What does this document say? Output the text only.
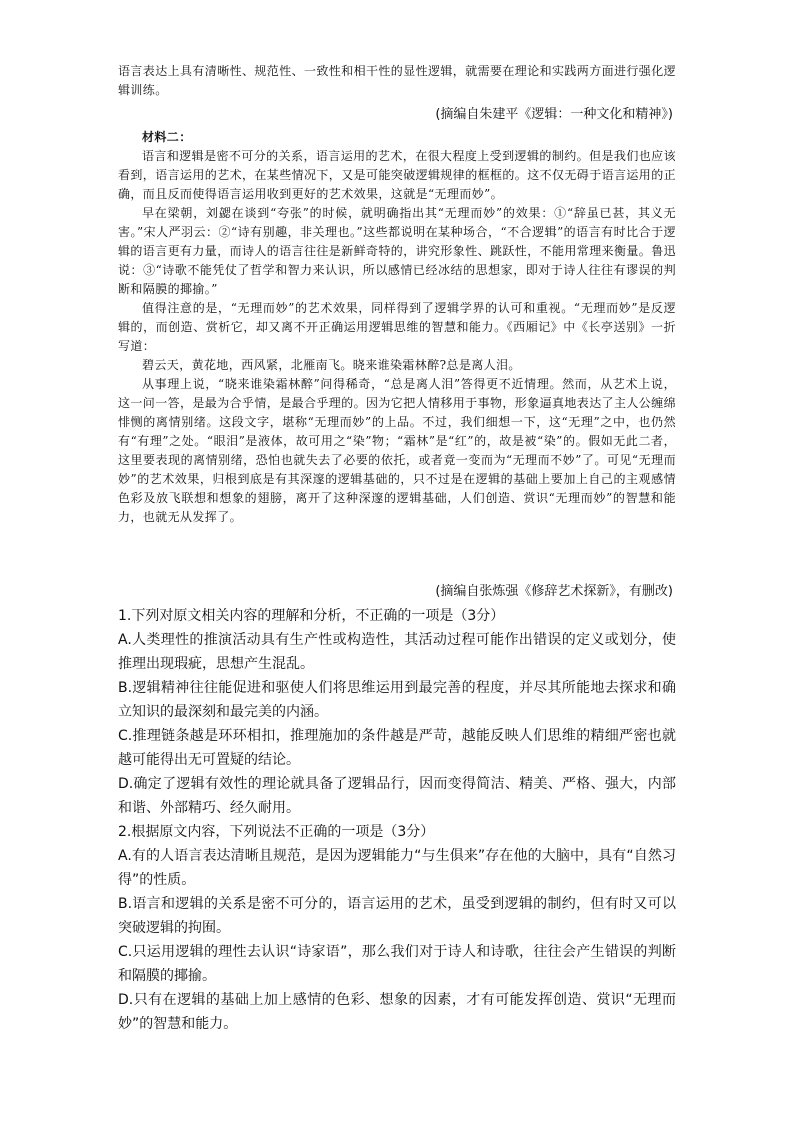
语言表达上具有清晰性、规范性、一致性和相干性的显性逻辑，就需要在理论和实践两方面进行强化逻辑训练。

(摘编自朱建平《逻辑：一种文化和精神》)

材料二：

语言和逻辑是密不可分的关系，语言运用的艺术，在很大程度上受到逻辑的制约。但是我们也应该看到，语言运用的艺术，在某些情况下，又是可能突破逻辑规律的框框的。这不仅无碍于语言运用的正确，而且反而使得语言运用收到更好的艺术效果，这就是“无理而妙”。

早在梁朝，刘勰在谈到“夸张”的时候，就明确指出其“无理而妙”的效果：①“辞虽已甚，其义无害。”宋人严羽云：②“诗有别趣，非关理也。”这些都说明在某种场合，“不合逻辑”的语言有时比合于逻辑的语言更有力量，而诗人的语言往往是新鲜奇特的，讲究形象性、跳跃性，不能用常理来衡量。鲁迅说：③“诗歌不能凭仗了哲学和智力来认识，所以感情已经冰结的思想家，即对于诗人往往有谬误的判断和隔膜的揶揄。”

值得注意的是，“无理而妙”的艺术效果，同样得到了逻辑学界的认可和重视。“无理而妙”是反逻辑的，而创造、赏析它，却又离不开正确运用逻辑思维的智慧和能力。《西厢记》中《长亭送别》一折写道：

碧云天，黄花地，西风紧，北雁南飞。晓来谁染霜林醉?总是离人泪。

从事理上说，“晓来谁染霜林醉”问得稀奇，“总是离人泪”答得更不近情理。然而，从艺术上说，这一问一答，是最为合乎情，是最合乎理的。因为它把人情移用于事物，形象逼真地表达了主人公缠绵悱恻的离情别绪。这段文字，堪称“无理而妙”的上品。不过，我们细想一下，这“无理”之中，也仍然有“有理”之处。“眼泪”是液体，故可用之“染”物；“霜林”是“红”的，故是被“染”的。假如无此二者，这里要表现的离情别绪，恐怕也就失去了必要的依托，或者竟一变而为“无理而不妙”了。可见“无理而妙”的艺术效果，归根到底是有其深邃的逻辑基础的，只不过是在逻辑的基础上要加上自己的主观感情色彩及放飞联想和想象的翅膀，离开了这种深邃的逻辑基础，人们创造、赏识“无理而妙”的智慧和能力，也就无从发挥了。

(摘编自张炼强《修辞艺术探新》，有删改)

1.下列对原文相关内容的理解和分析，不正确的一项是（3分）

A.人类理性的推演活动具有生产性或构造性，其活动过程可能作出错误的定义或划分，使推理出现瑕疵，思想产生混乱。

B.逻辑精神往往能促进和驱使人们将思维运用到最完善的程度，并尽其所能地去探求和确立知识的最深刻和最完美的内涵。

C.推理链条越是环环相扣，推理施加的条件越是严苛，越能反映人们思维的精细严密也就越可能得出无可置疑的结论。

D.确定了逻辑有效性的理论就具备了逻辑品行，因而变得简洁、精美、严格、强大，内部和谐、外部精巧、经久耐用。

2.根据原文内容，下列说法不正确的一项是（3分）

A.有的人语言表达清晰且规范，是因为逻辑能力“与生俱来”存在他的大脑中，具有“自然习得”的性质。

B.语言和逻辑的关系是密不可分的，语言运用的艺术，虽受到逻辑的制约，但有时又可以突破逻辑的拘囿。

C.只运用逻辑的理性去认识“诗家语”，那么我们对于诗人和诗歌，往往会产生错误的判断和隔膜的揶揄。

D.只有在逻辑的基础上加上感情的色彩、想象的因素，才有可能发挥创造、赏识“无理而妙”的智慧和能力。
